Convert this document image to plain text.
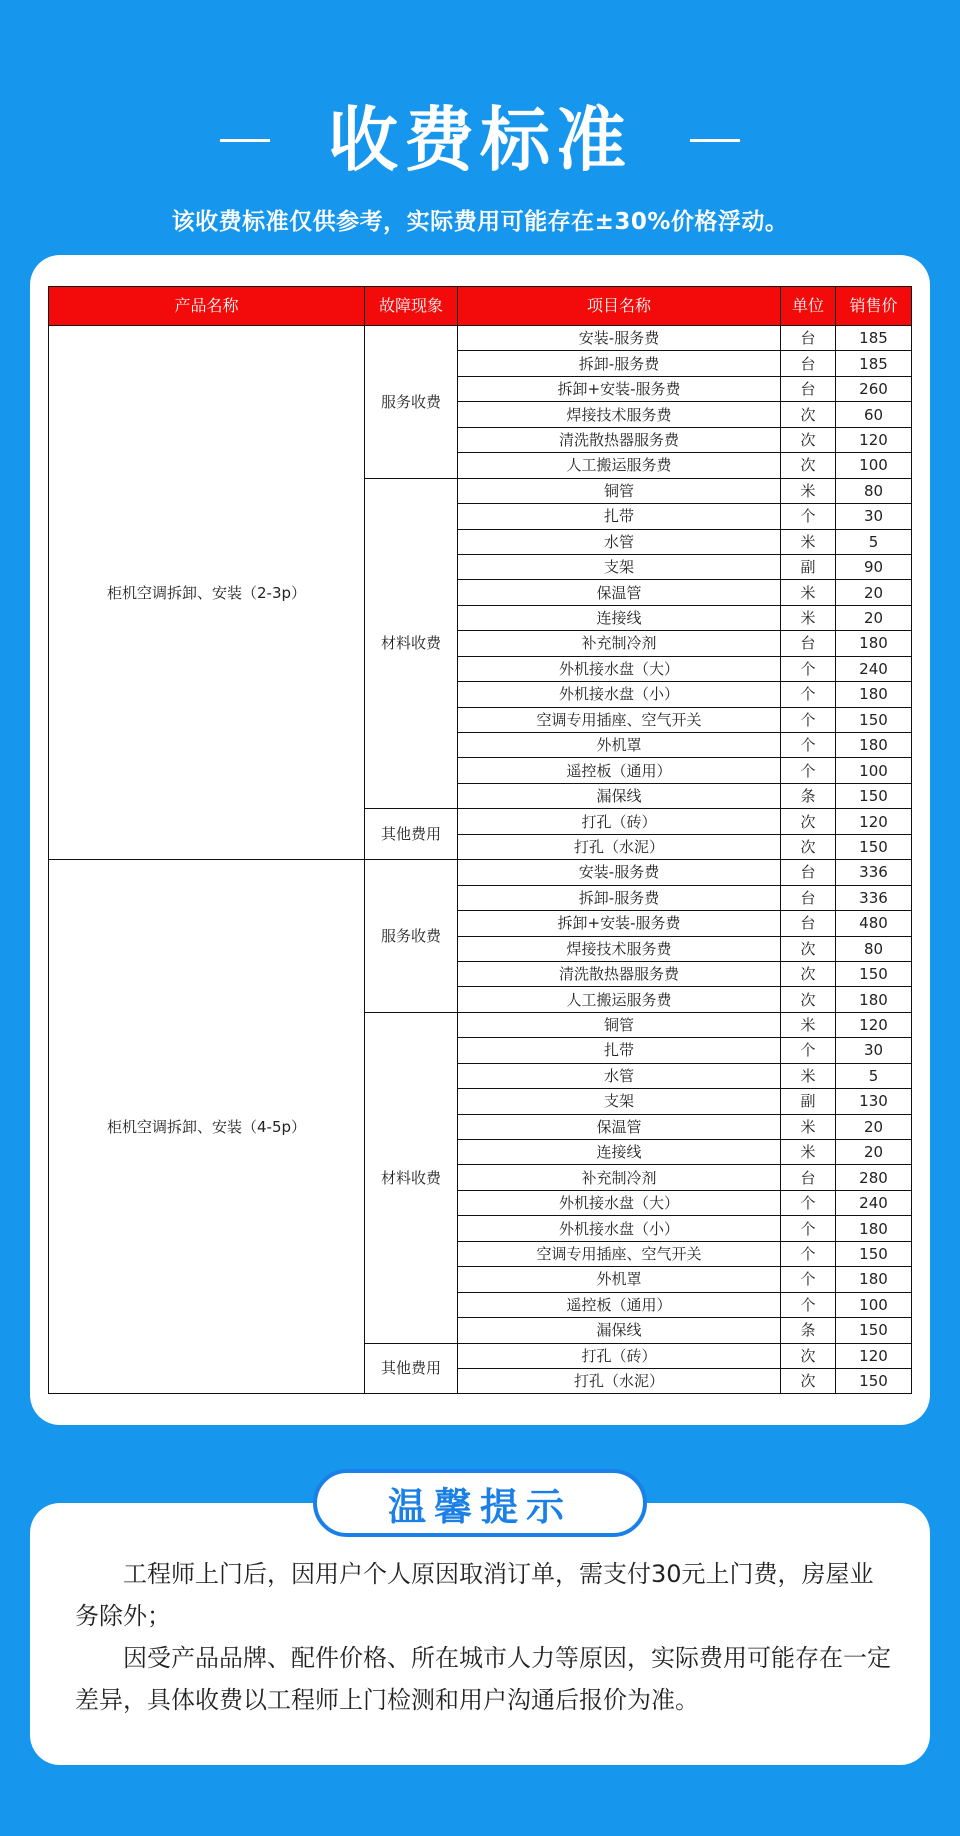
收费标准
该收费标准仅供参考，实际费用可能存在±30%价格浮动。
产品名称	故障现象	项目名称	单位	销售价
柜机空调拆卸、安装（2-3p）	服务收费	安装-服务费	台	185
		拆卸-服务费	台	185
		拆卸+安装-服务费	台	260
		焊接技术服务费	次	60
		清洗散热器服务费	次	120
		人工搬运服务费	次	100
	材料收费	铜管	米	80
		扎带	个	30
		水管	米	5
		支架	副	90
		保温管	米	20
		连接线	米	20
		补充制冷剂	台	180
		外机接水盘（大）	个	240
		外机接水盘（小）	个	180
		空调专用插座、空气开关	个	150
		外机罩	个	180
		遥控板（通用）	个	100
		漏保线	条	150
	其他费用	打孔（砖）	次	120
		打孔（水泥）	次	150
柜机空调拆卸、安装（4-5p）	服务收费	安装-服务费	台	336
		拆卸-服务费	台	336
		拆卸+安装-服务费	台	480
		焊接技术服务费	次	80
		清洗散热器服务费	次	150
		人工搬运服务费	次	180
	材料收费	铜管	米	120
		扎带	个	30
		水管	米	5
		支架	副	130
		保温管	米	20
		连接线	米	20
		补充制冷剂	台	280
		外机接水盘（大）	个	240
		外机接水盘（小）	个	180
		空调专用插座、空气开关	个	150
		外机罩	个	180
		遥控板（通用）	个	100
		漏保线	条	150
	其他费用	打孔（砖）	次	120
		打孔（水泥）	次	150

工程师上门后，因用户个人原因取消订单，需支付30元上门费，房屋业务除外；

因受产品品牌、配件价格、所在城市人力等原因，实际费用可能存在一定差异，具体收费以工程师上门检测和用户沟通后报价为准。

温馨提示
